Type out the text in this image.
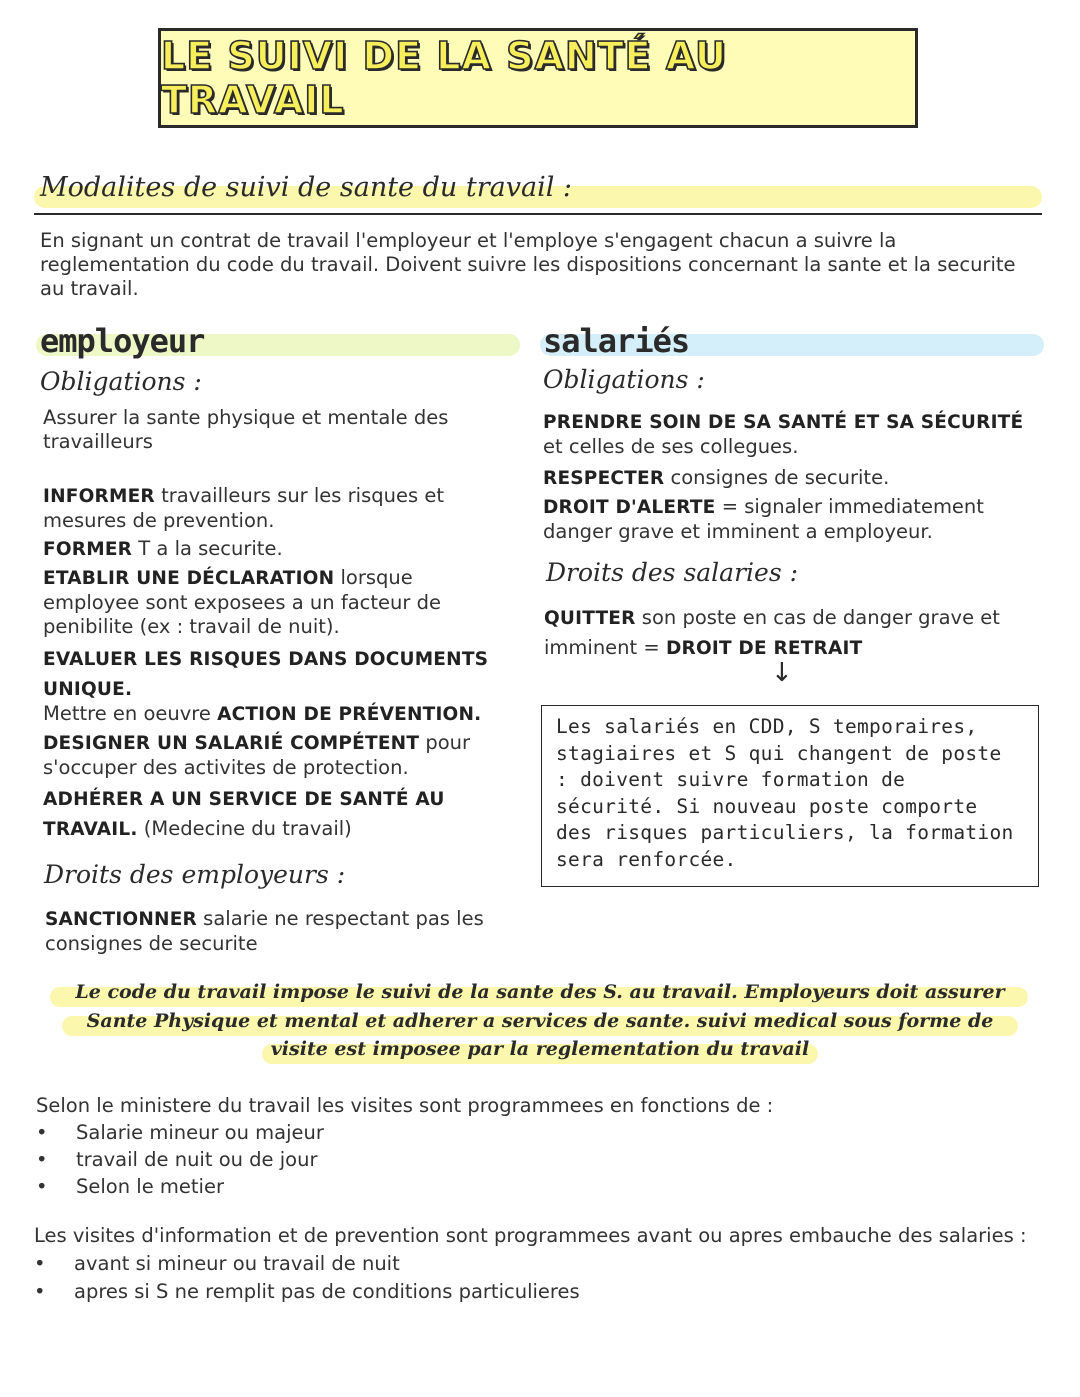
LE SUIVI DE LA SANTÉ AU TRAVAIL
Modalites de suivi de sante du travail :
En signant un contrat de travail l'employeur et l'employe s'engagent chacun a suivre la reglementation du code du travail. Doivent suivre les dispositions concernant la sante et la securite au travail.
employeur	salariés
Obligations :
Assurer la sante physique et mentale des travailleurs
INFORMER travailleurs sur les risques et mesures de prevention.
FORMER T a la securite.
ETABLIR UNE DÉCLARATION lorsque employee sont exposees a un facteur de penibilite (ex : travail de nuit).
EVALUER LES RISQUES DANS DOCUMENTS UNIQUE.
Mettre en oeuvre ACTION DE PRÉVENTION.
DESIGNER UN SALARIÉ COMPÉTENT pour s'occuper des activites de protection.
ADHÉRER A UN SERVICE DE SANTÉ AU TRAVAIL. (Medecine du travail)
Droits des employeurs :
SANCTIONNER salarie ne respectant pas les consignes de securite
Obligations :
PRENDRE SOIN DE SA SANTÉ ET SA SÉCURITÉ et celles de ses collegues.
RESPECTER consignes de securite.
DROIT D'ALERTE = signaler immediatement danger grave et imminent a employeur.
Droits des salaries :
QUITTER son poste en cas de danger grave et imminent = DROIT DE RETRAIT
↓
Les salariés en CDD, S temporaires, stagiaires et S qui changent de poste : doivent suivre formation de sécurité. Si nouveau poste comporte des risques particuliers, la formation sera renforcée.
Le code du travail impose le suivi de la sante des S. au travail. Employeurs doit assurer
Sante Physique et mental et adherer a services de sante. suivi medical sous forme de
visite est imposee par la reglementation du travail
Selon le ministere du travail les visites sont programmees en fonctions de :
• Salarie mineur ou majeur
• travail de nuit ou de jour
• Selon le metier
Les visites d'information et de prevention sont programmees avant ou apres embauche des salaries :
• avant si mineur ou travail de nuit
• apres si S ne remplit pas de conditions particulieres
